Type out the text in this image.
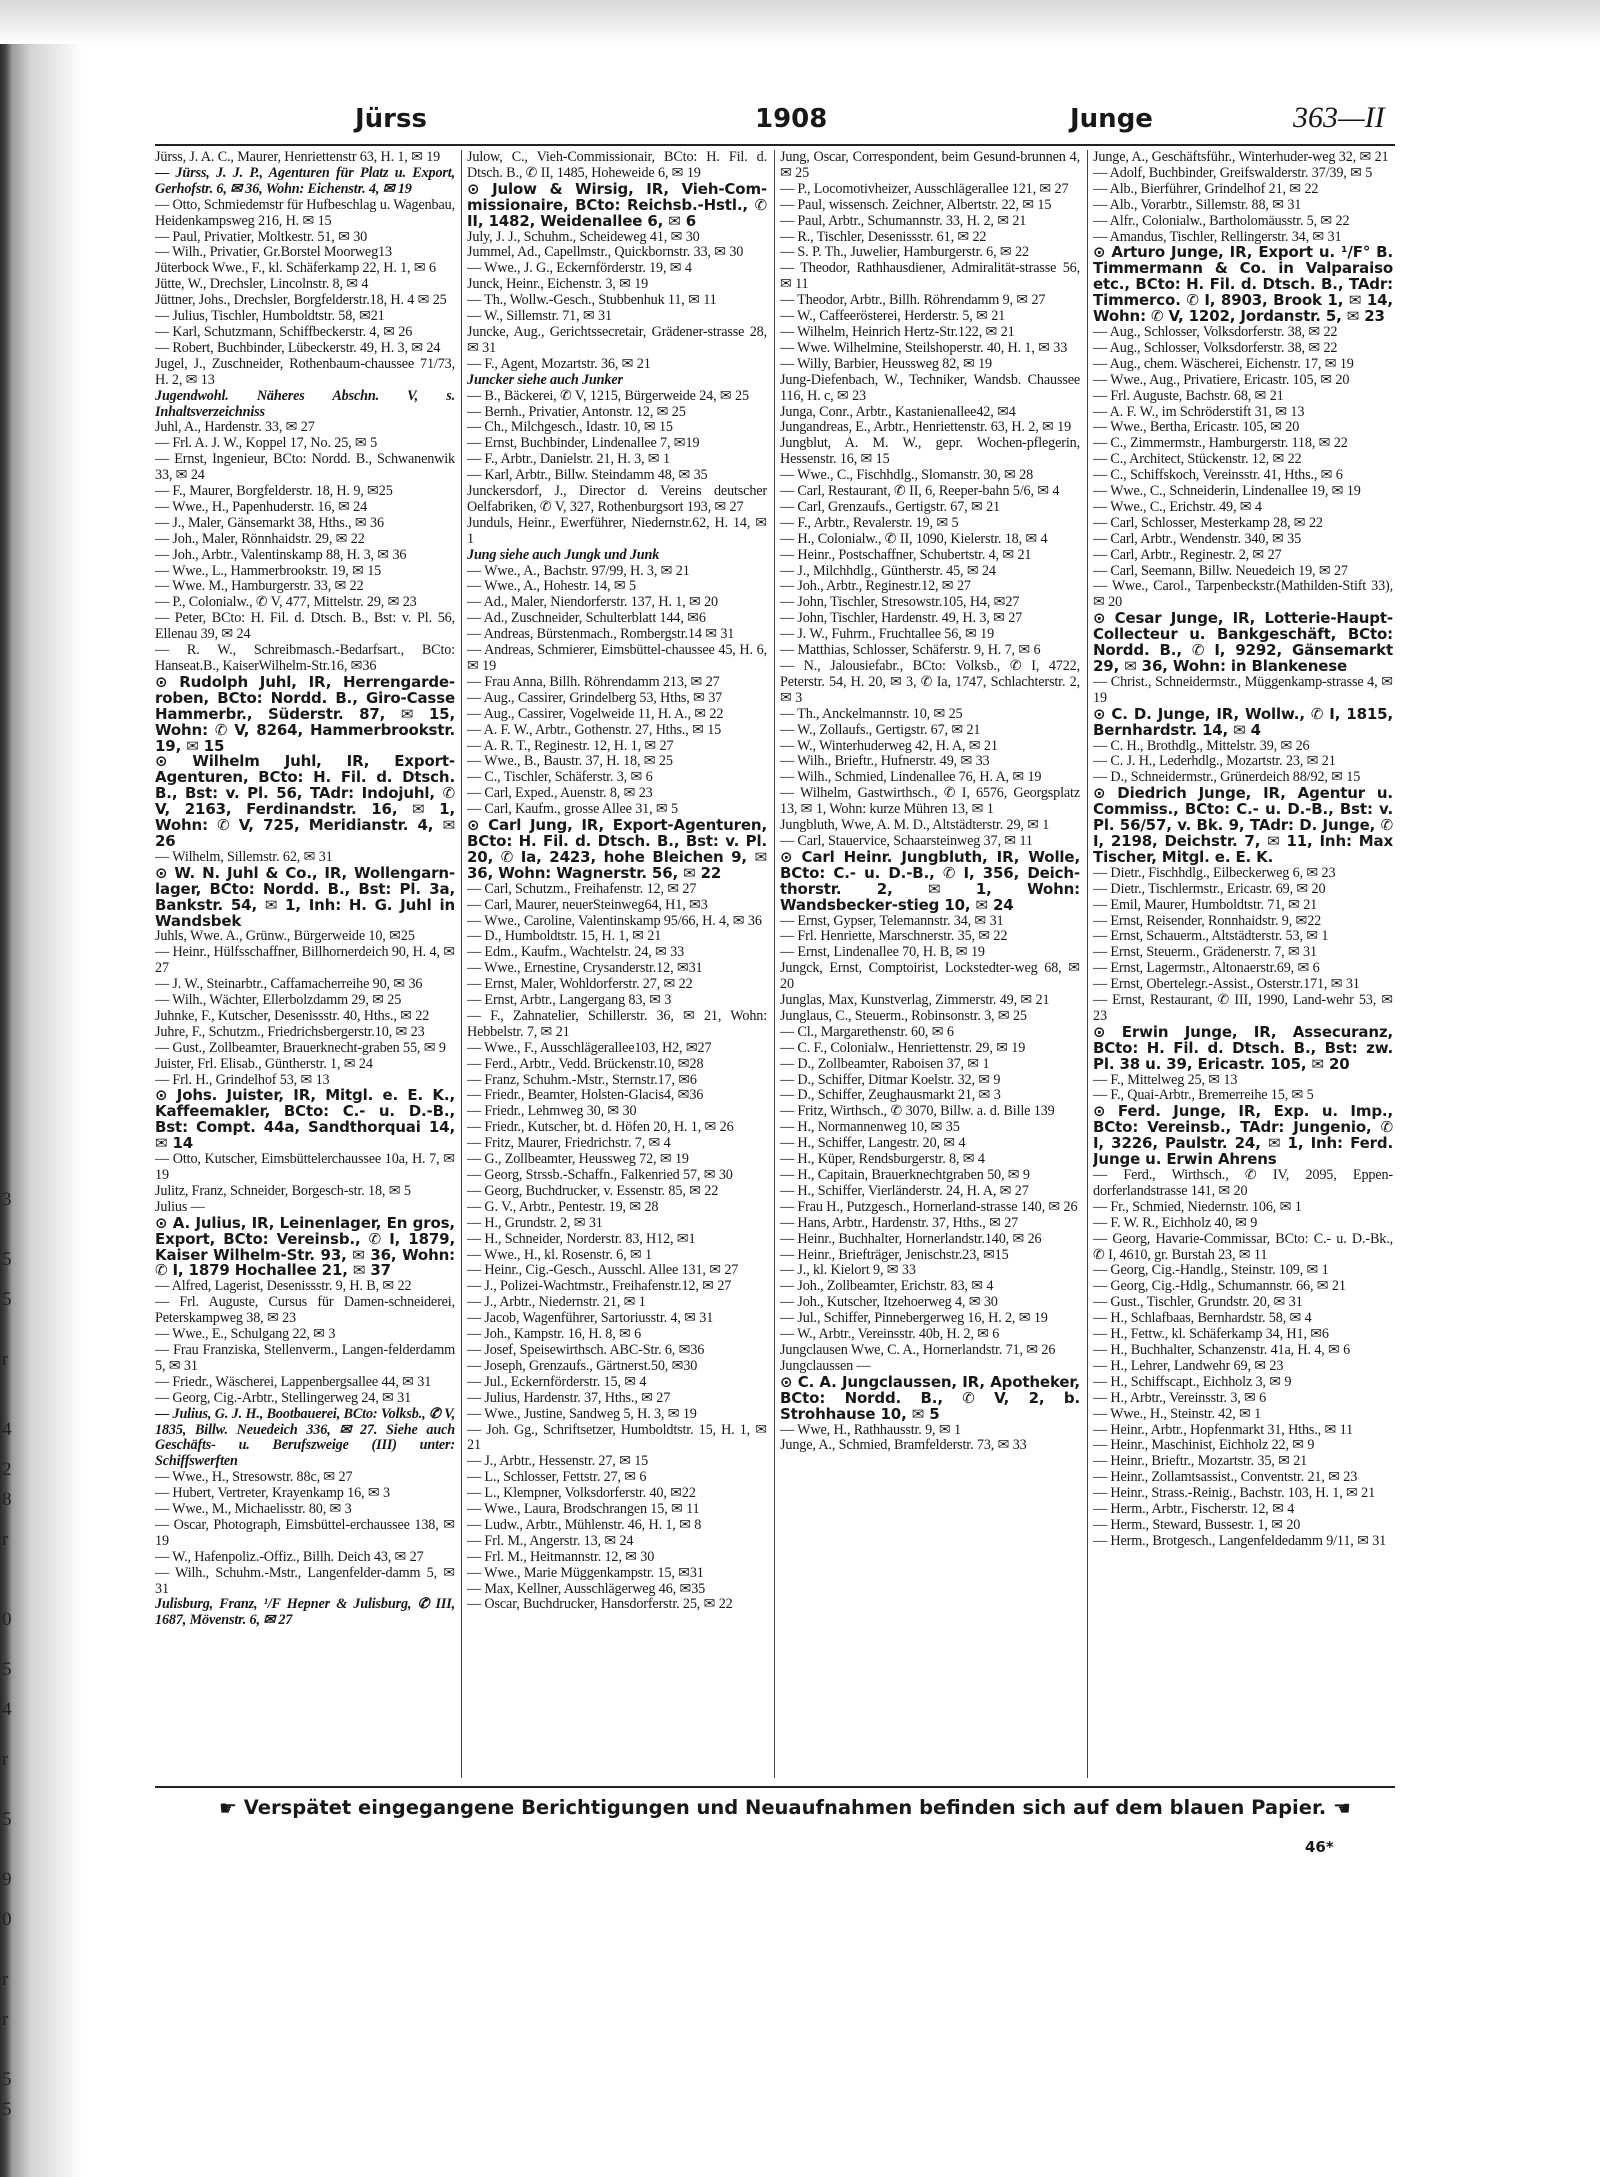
3
5
5
r
4
2
8
r
0
5
4
r
5
9
0
r
r
5
5
Jürss	1908	Junge	363—II
Jürss, J. A. C., Maurer, Henriettenstr 63, H. 1, ✉ 19
— Jürss, J. J. P., Agenturen für Platz u. Export, Gerhofstr. 6, ✉ 36, Wohn: Eichenstr. 4, ✉ 19
— Otto, Schmiedemstr für Hufbeschlag u. Wagenbau, Heidenkampsweg 216, H. ✉ 15
— Paul, Privatier, Moltkestr. 51, ✉ 30
— Wilh., Privatier, Gr.Borstel Moorweg13
Jüterbock Wwe., F., kl. Schäferkamp 22, H. 1, ✉ 6
Jütte, W., Drechsler, Lincolnstr. 8, ✉ 4
Jüttner, Johs., Drechsler, Borgfelderstr.18, H. 4 ✉ 25
— Julius, Tischler, Humboldtstr. 58, ✉21
— Karl, Schutzmann, Schiffbeckerstr. 4, ✉ 26
— Robert, Buchbinder, Lübeckerstr. 49, H. 3, ✉ 24
Jugel, J., Zuschneider, Rothenbaum-chaussee 71/73, H. 2, ✉ 13
Jugendwohl. Näheres Abschn. V, s. Inhaltsverzeichniss
Juhl, A., Hardenstr. 33, ✉ 27
— Frl. A. J. W., Koppel 17, No. 25, ✉ 5
— Ernst, Ingenieur, BCto: Nordd. B., Schwanenwik 33, ✉ 24
— F., Maurer, Borgfelderstr. 18, H. 9, ✉25
— Wwe., H., Papenhuderstr. 16, ✉ 24
— J., Maler, Gänsemarkt 38, Hths., ✉ 36
— Joh., Maler, Rönnhaidstr. 29, ✉ 22
— Joh., Arbtr., Valentinskamp 88, H. 3, ✉ 36
— Wwe., L., Hammerbrookstr. 19, ✉ 15
— Wwe. M., Hamburgerstr. 33, ✉ 22
— P., Colonialw., ✆ V, 477, Mittelstr. 29, ✉ 23
— Peter, BCto: H. Fil. d. Dtsch. B., Bst: v. Pl. 56, Ellenau 39, ✉ 24
— R. W., Schreibmasch.-Bedarfsart., BCto: Hanseat.B., KaiserWilhelm-Str.16, ✉36
⊙ Rudolph Juhl, IR, Herrengarde-roben, BCto: Nordd. B., Giro-Casse Hammerbr., Süderstr. 87, ✉ 15, Wohn: ✆ V, 8264, Hammerbrookstr. 19, ✉ 15
⊙ Wilhelm Juhl, IR, Export-Agenturen, BCto: H. Fil. d. Dtsch. B., Bst: v. Pl. 56, TAdr: Indojuhl, ✆ V, 2163, Ferdinandstr. 16, ✉ 1, Wohn: ✆ V, 725, Meridianstr. 4, ✉ 26
— Wilhelm, Sillemstr. 62, ✉ 31
⊙ W. N. Juhl & Co., IR, Wollengarn-lager, BCto: Nordd. B., Bst: Pl. 3a, Bankstr. 54, ✉ 1, Inh: H. G. Juhl in Wandsbek
Juhls, Wwe. A., Grünw., Bürgerweide 10, ✉25
— Heinr., Hülfsschaffner, Billhornerdeich 90, H. 4, ✉ 27
— J. W., Steinarbtr., Caffamacherreihe 90, ✉ 36
— Wilh., Wächter, Ellerbolzdamm 29, ✉ 25
Juhnke, F., Kutscher, Desenissstr. 40, Hths., ✉ 22
Juhre, F., Schutzm., Friedrichsbergerstr.10, ✉ 23
— Gust., Zollbeamter, Brauerknecht-graben 55, ✉ 9
Juister, Frl. Elisab., Güntherstr. 1, ✉ 24
— Frl. H., Grindelhof 53, ✉ 13
⊙ Johs. Juister, IR, Mitgl. e. E. K., Kaffeemakler, BCto: C.- u. D.-B., Bst: Compt. 44a, Sandthorquai 14, ✉ 14
— Otto, Kutscher, Eimsbüttelerchaussee 10a, H. 7, ✉ 19
Julitz, Franz, Schneider, Borgesch-str. 18, ✉ 5
Julius —
⊙ A. Julius, IR, Leinenlager, En gros, Export, BCto: Vereinsb., ✆ I, 1879, Kaiser Wilhelm-Str. 93, ✉ 36, Wohn: ✆ I, 1879 Hochallee 21, ✉ 37
— Alfred, Lagerist, Desenissstr. 9, H. B, ✉ 22
— Frl. Auguste, Cursus für Damen-schneiderei, Peterskampweg 38, ✉ 23
— Wwe., E., Schulgang 22, ✉ 3
— Frau Franziska, Stellenverm., Langen-felderdamm 5, ✉ 31
— Friedr., Wäscherei, Lappenbergsallee 44, ✉ 31
— Georg, Cig.-Arbtr., Stellingerweg 24, ✉ 31
— Julius, G. J. H., Bootbauerei, BCto: Volksb., ✆ V, 1835, Billw. Neuedeich 336, ✉ 27. Siehe auch Geschäfts- u. Berufszweige (III) unter: Schiffswerften
— Wwe., H., Stresowstr. 88c, ✉ 27
— Hubert, Vertreter, Krayenkamp 16, ✉ 3
— Wwe., M., Michaelisstr. 80, ✉ 3
— Oscar, Photograph, Eimsbüttel-erchaussee 138, ✉ 19
— W., Hafenpoliz.-Offiz., Billh. Deich 43, ✉ 27
— Wilh., Schuhm.-Mstr., Langenfelder-damm 5, ✉ 31
Julisburg, Franz, ¹/F Hepner & Julisburg, ✆ III, 1687, Mövenstr. 6, ✉ 27
Julow, C., Vieh-Commissionair, BCto: H. Fil. d. Dtsch. B., ✆ II, 1485, Hoheweide 6, ✉ 19
⊙ Julow & Wirsig, IR, Vieh-Com-missionaire, BCto: Reichsb.-Hstl., ✆ II, 1482, Weidenallee 6, ✉ 6
July, J. J., Schuhm., Scheideweg 41, ✉ 30
Jummel, Ad., Capellmstr., Quickbornstr. 33, ✉ 30
— Wwe., J. G., Eckernförderstr. 19, ✉ 4
Junck, Heinr., Eichenstr. 3, ✉ 19
— Th., Wollw.-Gesch., Stubbenhuk 11, ✉ 11
— W., Sillemstr. 71, ✉ 31
Juncke, Aug., Gerichtssecretair, Grädener-strasse 28, ✉ 31
— F., Agent, Mozartstr. 36, ✉ 21
Juncker siehe auch Junker
— B., Bäckerei, ✆ V, 1215, Bürgerweide 24, ✉ 25
— Bernh., Privatier, Antonstr. 12, ✉ 25
— Ch., Milchgesch., Idastr. 10, ✉ 15
— Ernst, Buchbinder, Lindenallee 7, ✉19
— F., Arbtr., Danielstr. 21, H. 3, ✉ 1
— Karl, Arbtr., Billw. Steindamm 48, ✉ 35
Junckersdorf, J., Director d. Vereins deutscher Oelfabriken, ✆ V, 327, Rothenburgsort 193, ✉ 27
Junduls, Heinr., Ewerführer, Niedernstr.62, H. 14, ✉ 1
Jung siehe auch Jungk und Junk
— Wwe., A., Bachstr. 97/99, H. 3, ✉ 21
— Wwe., A., Hohestr. 14, ✉ 5
— Ad., Maler, Niendorferstr. 137, H. 1, ✉ 20
— Ad., Zuschneider, Schulterblatt 144, ✉6
— Andreas, Bürstenmach., Rombergstr.14 ✉ 31
— Andreas, Schmierer, Eimsbüttel-chaussee 45, H. 6, ✉ 19
— Frau Anna, Billh. Röhrendamm 213, ✉ 27
— Aug., Cassirer, Grindelberg 53, Hths, ✉ 37
— Aug., Cassirer, Vogelweide 11, H. A., ✉ 22
— A. F. W., Arbtr., Gothenstr. 27, Hths., ✉ 15
— A. R. T., Reginestr. 12, H. 1, ✉ 27
— Wwe., B., Baustr. 37, H. 18, ✉ 25
— C., Tischler, Schäferstr. 3, ✉ 6
— Carl, Exped., Auenstr. 8, ✉ 23
— Carl, Kaufm., grosse Allee 31, ✉ 5
⊙ Carl Jung, IR, Export-Agenturen, BCto: H. Fil. d. Dtsch. B., Bst: v. Pl. 20, ✆ Ia, 2423, hohe Bleichen 9, ✉ 36, Wohn: Wagnerstr. 56, ✉ 22
— Carl, Schutzm., Freihafenstr. 12, ✉ 27
— Carl, Maurer, neuerSteinweg64, H1, ✉3
— Wwe., Caroline, Valentinskamp 95/66, H. 4, ✉ 36
— D., Humboldtstr. 15, H. 1, ✉ 21
— Edm., Kaufm., Wachtelstr. 24, ✉ 33
— Wwe., Ernestine, Crysanderstr.12, ✉31
— Ernst, Maler, Wohldorferstr. 27, ✉ 22
— Ernst, Arbtr., Langergang 83, ✉ 3
— F., Zahnatelier, Schillerstr. 36, ✉ 21, Wohn: Hebbelstr. 7, ✉ 21
— Wwe., F., Ausschlägerallee103, H2, ✉27
— Ferd., Arbtr., Vedd. Brückenstr.10, ✉28
— Franz, Schuhm.-Mstr., Sternstr.17, ✉6
— Friedr., Beamter, Holsten-Glacis4, ✉36
— Friedr., Lehmweg 30, ✉ 30
— Friedr., Kutscher, bt. d. Höfen 20, H. 1, ✉ 26
— Fritz, Maurer, Friedrichstr. 7, ✉ 4
— G., Zollbeamter, Heussweg 72, ✉ 19
— Georg, Strssb.-Schaffn., Falkenried 57, ✉ 30
— Georg, Buchdrucker, v. Essenstr. 85, ✉ 22
— G. V., Arbtr., Pentestr. 19, ✉ 28
— H., Grundstr. 2, ✉ 31
— H., Schneider, Norderstr. 83, H12, ✉1
— Wwe., H., kl. Rosenstr. 6, ✉ 1
— Heinr., Cig.-Gesch., Ausschl. Allee 131, ✉ 27
— J., Polizei-Wachtmstr., Freihafenstr.12, ✉ 27
— J., Arbtr., Niedernstr. 21, ✉ 1
— Jacob, Wagenführer, Sartoriusstr. 4, ✉ 31
— Joh., Kampstr. 16, H. 8, ✉ 6
— Josef, Speisewirthsch. ABC-Str. 6, ✉36
— Joseph, Grenzaufs., Gärtnerst.50, ✉30
— Jul., Eckernförderstr. 15, ✉ 4
— Julius, Hardenstr. 37, Hths., ✉ 27
— Wwe., Justine, Sandweg 5, H. 3, ✉ 19
— Joh. Gg., Schriftsetzer, Humboldtstr. 15, H. 1, ✉ 21
— J., Arbtr., Hessenstr. 27, ✉ 15
— L., Schlosser, Fettstr. 27, ✉ 6
— L., Klempner, Volksdorferstr. 40, ✉22
— Wwe., Laura, Brodschrangen 15, ✉ 11
— Ludw., Arbtr., Mühlenstr. 46, H. 1, ✉ 8
— Frl. M., Angerstr. 13, ✉ 24
— Frl. M., Heitmannstr. 12, ✉ 30
— Wwe., Marie Müggenkampstr. 15, ✉31
— Max, Kellner, Ausschlägerweg 46, ✉35
— Oscar, Buchdrucker, Hansdorferstr. 25, ✉ 22
Jung, Oscar, Correspondent, beim Gesund-brunnen 4, ✉ 25
— P., Locomotivheizer, Ausschlägerallee 121, ✉ 27
— Paul, wissensch. Zeichner, Albertstr. 22, ✉ 15
— Paul, Arbtr., Schumannstr. 33, H. 2, ✉ 21
— R., Tischler, Desenissstr. 61, ✉ 22
— S. P. Th., Juwelier, Hamburgerstr. 6, ✉ 22
— Theodor, Rathhausdiener, Admiralität-strasse 56, ✉ 11
— Theodor, Arbtr., Billh. Röhrendamm 9, ✉ 27
— W., Caffeerösterei, Herderstr. 5, ✉ 21
— Wilhelm, Heinrich Hertz-Str.122, ✉ 21
— Wwe. Wilhelmine, Steilshoperstr. 40, H. 1, ✉ 33
— Willy, Barbier, Heussweg 82, ✉ 19
Jung-Diefenbach, W., Techniker, Wandsb. Chaussee 116, H. c, ✉ 23
Junga, Conr., Arbtr., Kastanienallee42, ✉4
Jungandreas, E., Arbtr., Henriettenstr. 63, H. 2, ✉ 19
Jungblut, A. M. W., gepr. Wochen-pflegerin, Hessenstr. 16, ✉ 15
— Wwe., C., Fischhdlg., Slomanstr. 30, ✉ 28
— Carl, Restaurant, ✆ II, 6, Reeper-bahn 5/6, ✉ 4
— Carl, Grenzaufs., Gertigstr. 67, ✉ 21
— F., Arbtr., Revalerstr. 19, ✉ 5
— H., Colonialw., ✆ II, 1090, Kielerstr. 18, ✉ 4
— Heinr., Postschaffner, Schubertstr. 4, ✉ 21
— J., Milchhdlg., Güntherstr. 45, ✉ 24
— Joh., Arbtr., Reginestr.12, ✉ 27
— John, Tischler, Stresowstr.105, H4, ✉27
— John, Tischler, Hardenstr. 49, H. 3, ✉ 27
— J. W., Fuhrm., Fruchtallee 56, ✉ 19
— Matthias, Schlosser, Schäferstr. 9, H. 7, ✉ 6
— N., Jalousiefabr., BCto: Volksb., ✆ I, 4722, Peterstr. 54, H. 20, ✉ 3, ✆ Ia, 1747, Schlachterstr. 2, ✉ 3
— Th., Anckelmannstr. 10, ✉ 25
— W., Zollaufs., Gertigstr. 67, ✉ 21
— W., Winterhuderweg 42, H. A, ✉ 21
— Wilh., Brieftr., Hufnerstr. 49, ✉ 33
— Wilh., Schmied, Lindenallee 76, H. A, ✉ 19
— Wilhelm, Gastwirthsch., ✆ I, 6576, Georgsplatz 13, ✉ 1, Wohn: kurze Mühren 13, ✉ 1
Jungbluth, Wwe, A. M. D., Altstädterstr. 29, ✉ 1
— Carl, Stauervice, Schaarsteinweg 37, ✉ 11
⊙ Carl Heinr. Jungbluth, IR, Wolle, BCto: C.- u. D.-B., ✆ I, 356, Deich-thorstr. 2, ✉ 1, Wohn: Wandsbecker-stieg 10, ✉ 24
— Ernst, Gypser, Telemannstr. 34, ✉ 31
— Frl. Henriette, Marschnerstr. 35, ✉ 22
— Ernst, Lindenallee 70, H. B, ✉ 19
Jungck, Ernst, Comptoirist, Lockstedter-weg 68, ✉ 20
Junglas, Max, Kunstverlag, Zimmerstr. 49, ✉ 21
Junglaus, C., Steuerm., Robinsonstr. 3, ✉ 25
— Cl., Margarethenstr. 60, ✉ 6
— C. F., Colonialw., Henriettenstr. 29, ✉ 19
— D., Zollbeamter, Raboisen 37, ✉ 1
— D., Schiffer, Ditmar Koelstr. 32, ✉ 9
— D., Schiffer, Zeughausmarkt 21, ✉ 3
— Fritz, Wirthsch., ✆ 3070, Billw. a. d. Bille 139
— H., Normannenweg 10, ✉ 35
— H., Schiffer, Langestr. 20, ✉ 4
— H., Küper, Rendsburgerstr. 8, ✉ 4
— H., Capitain, Brauerknechtgraben 50, ✉ 9
— H., Schiffer, Vierländerstr. 24, H. A, ✉ 27
— Frau H., Putzgesch., Hornerland-strasse 140, ✉ 26
— Hans, Arbtr., Hardenstr. 37, Hths., ✉ 27
— Heinr., Buchhalter, Hornerlandstr.140, ✉ 26
— Heinr., Briefträger, Jenischstr.23, ✉15
— J., kl. Kielort 9, ✉ 33
— Joh., Zollbeamter, Erichstr. 83, ✉ 4
— Joh., Kutscher, Itzehoerweg 4, ✉ 30
— Jul., Schiffer, Pinnebergerweg 16, H. 2, ✉ 19
— W., Arbtr., Vereinsstr. 40b, H. 2, ✉ 6
Jungclausen Wwe, C. A., Hornerlandstr. 71, ✉ 26
Jungclaussen —
⊙ C. A. Jungclaussen, IR, Apotheker, BCto: Nordd. B., ✆ V, 2, b. Strohhause 10, ✉ 5
— Wwe, H., Rathhausstr. 9, ✉ 1
Junge, A., Schmied, Bramfelderstr. 73, ✉ 33
Junge, A., Geschäftsführ., Winterhuder-weg 32, ✉ 21
— Adolf, Buchbinder, Greifswalderstr. 37/39, ✉ 5
— Alb., Bierführer, Grindelhof 21, ✉ 22
— Alb., Vorarbtr., Sillemstr. 88, ✉ 31
— Alfr., Colonialw., Bartholomäusstr. 5, ✉ 22
— Amandus, Tischler, Rellingerstr. 34, ✉ 31
⊙ Arturo Junge, IR, Export u. ¹/F° B. Timmermann & Co. in Valparaiso etc., BCto: H. Fil. d. Dtsch. B., TAdr: Timmerco. ✆ I, 8903, Brook 1, ✉ 14, Wohn: ✆ V, 1202, Jordanstr. 5, ✉ 23
— Aug., Schlosser, Volksdorferstr. 38, ✉ 22
— Aug., Schlosser, Volksdorferstr. 38, ✉ 22
— Aug., chem. Wäscherei, Eichenstr. 17, ✉ 19
— Wwe., Aug., Privatiere, Ericastr. 105, ✉ 20
— Frl. Auguste, Bachstr. 68, ✉ 21
— A. F. W., im Schröderstift 31, ✉ 13
— Wwe., Bertha, Ericastr. 105, ✉ 20
— C., Zimmermstr., Hamburgerstr. 118, ✉ 22
— C., Architect, Stückenstr. 12, ✉ 22
— C., Schiffskoch, Vereinsstr. 41, Hths., ✉ 6
— Wwe., C., Schneiderin, Lindenallee 19, ✉ 19
— Wwe., C., Erichstr. 49, ✉ 4
— Carl, Schlosser, Mesterkamp 28, ✉ 22
— Carl, Arbtr., Wendenstr. 340, ✉ 35
— Carl, Arbtr., Reginestr. 2, ✉ 27
— Carl, Seemann, Billw. Neuedeich 19, ✉ 27
— Wwe., Carol., Tarpenbeckstr.(Mathilden-Stift 33), ✉ 20
⊙ Cesar Junge, IR, Lotterie-Haupt-Collecteur u. Bankgeschäft, BCto: Nordd. B., ✆ I, 9292, Gänsemarkt 29, ✉ 36, Wohn: in Blankenese
— Christ., Schneidermstr., Müggenkamp-strasse 4, ✉ 19
⊙ C. D. Junge, IR, Wollw., ✆ I, 1815, Bernhardstr. 14, ✉ 4
— C. H., Brothdlg., Mittelstr. 39, ✉ 26
— C. J. H., Lederhdlg., Mozartstr. 23, ✉ 21
— D., Schneidermstr., Grünerdeich 88/92, ✉ 15
⊙ Diedrich Junge, IR, Agentur u. Commiss., BCto: C.- u. D.-B., Bst: v. Pl. 56/57, v. Bk. 9, TAdr: D. Junge, ✆ I, 2198, Deichstr. 7, ✉ 11, Inh: Max Tischer, Mitgl. e. E. K.
— Dietr., Fischhdlg., Eilbeckerweg 6, ✉ 23
— Dietr., Tischlermstr., Ericastr. 69, ✉ 20
— Emil, Maurer, Humboldtstr. 71, ✉ 21
— Ernst, Reisender, Ronnhaidstr. 9, ✉22
— Ernst, Schauerm., Altstädterstr. 53, ✉ 1
— Ernst, Steuerm., Grädenerstr. 7, ✉ 31
— Ernst, Lagermstr., Altonaerstr.69, ✉ 6
— Ernst, Obertelegr.-Assist., Osterstr.171, ✉ 31
— Ernst, Restaurant, ✆ III, 1990, Land-wehr 53, ✉ 23
⊙ Erwin Junge, IR, Assecuranz, BCto: H. Fil. d. Dtsch. B., Bst: zw. Pl. 38 u. 39, Ericastr. 105, ✉ 20
— F., Mittelweg 25, ✉ 13
— F., Quai-Arbtr., Bremerreihe 15, ✉ 5
⊙ Ferd. Junge, IR, Exp. u. Imp., BCto: Vereinsb., TAdr: Jungenio, ✆ I, 3226, Paulstr. 24, ✉ 1, Inh: Ferd. Junge u. Erwin Ahrens
— Ferd., Wirthsch., ✆ IV, 2095, Eppen-dorferlandstrasse 141, ✉ 20
— Fr., Schmied, Niedernstr. 106, ✉ 1
— F. W. R., Eichholz 40, ✉ 9
— Georg, Havarie-Commissar, BCto: C.- u. D.-Bk., ✆ I, 4610, gr. Burstah 23, ✉ 11
— Georg, Cig.-Handlg., Steinstr. 109, ✉ 1
— Georg, Cig.-Hdlg., Schumannstr. 66, ✉ 21
— Gust., Tischler, Grundstr. 20, ✉ 31
— H., Schlafbaas, Bernhardstr. 58, ✉ 4
— H., Fettw., kl. Schäferkamp 34, H1, ✉6
— H., Buchhalter, Schanzenstr. 41a, H. 4, ✉ 6
— H., Lehrer, Landwehr 69, ✉ 23
— H., Schiffscapt., Eichholz 3, ✉ 9
— H., Arbtr., Vereinsstr. 3, ✉ 6
— Wwe., H., Steinstr. 42, ✉ 1
— Heinr., Arbtr., Hopfenmarkt 31, Hths., ✉ 11
— Heinr., Maschinist, Eichholz 22, ✉ 9
— Heinr., Brieftr., Mozartstr. 35, ✉ 21
— Heinr., Zollamtsassist., Conventstr. 21, ✉ 23
— Heinr., Strass.-Reinig., Bachstr. 103, H. 1, ✉ 21
— Herm., Arbtr., Fischerstr. 12, ✉ 4
— Herm., Steward, Bussestr. 1, ✉ 20
— Herm., Brotgesch., Langenfeldedamm 9/11, ✉ 31
☛ Verspätet eingegangene Berichtigungen und Neuaufnahmen befinden sich auf dem blauen Papier. ☚
46*
